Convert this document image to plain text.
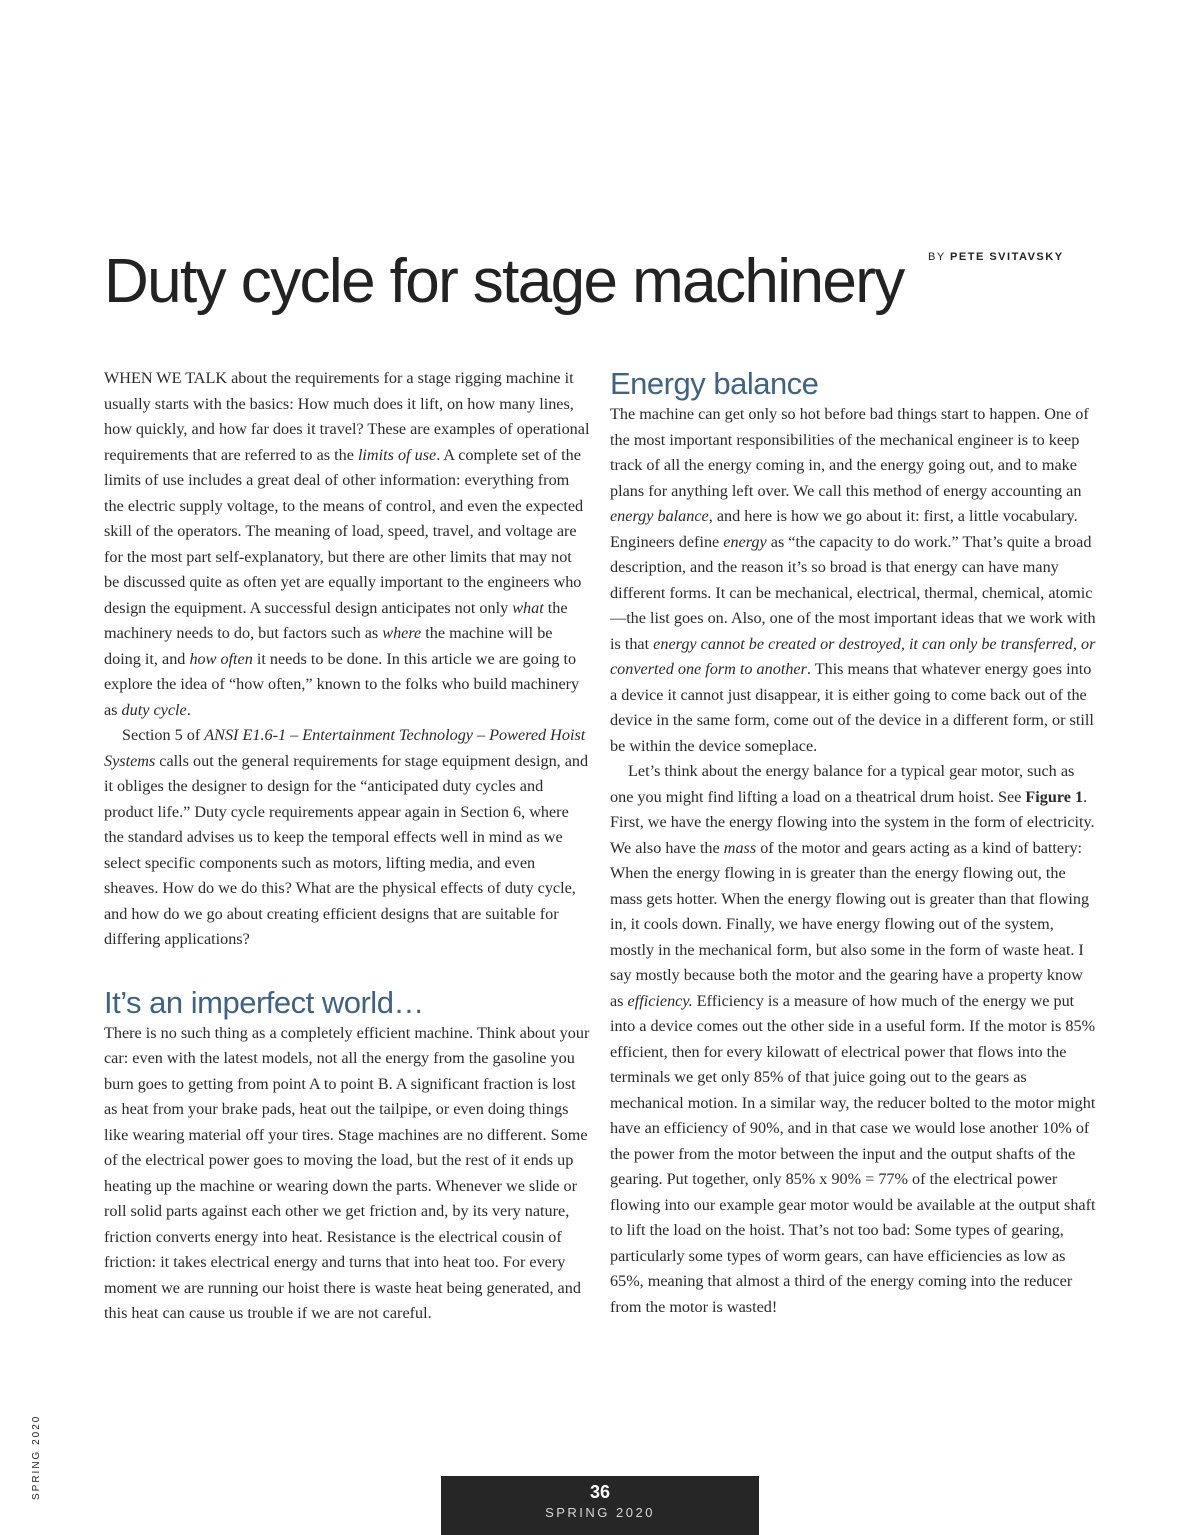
Duty cycle for stage machinery BY PETE SVITAVSKY

WHEN WE TALK about the requirements for a stage rigging machine it usually starts with the basics: How much does it lift, on how many lines, how quickly, and how far does it travel? These are examples of operational requirements that are referred to as the limits of use. A complete set of the limits of use includes a great deal of other information: everything from the electric supply voltage, to the means of control, and even the expected skill of the operators. The meaning of load, speed, travel, and voltage are for the most part self-explanatory, but there are other limits that may not be discussed quite as often yet are equally important to the engineers who design the equipment. A successful design anticipates not only what the machinery needs to do, but factors such as where the machine will be doing it, and how often it needs to be done. In this article we are going to explore the idea of “how often,” known to the folks who build machinery as duty cycle.

Section 5 of ANSI E1.6-1 – Entertainment Technology – Powered Hoist Systems calls out the general requirements for stage equipment design, and it obliges the designer to design for the “anticipated duty cycles and product life.” Duty cycle requirements appear again in Section 6, where the standard advises us to keep the temporal effects well in mind as we select specific components such as motors, lifting media, and even sheaves. How do we do this? What are the physical effects of duty cycle, and how do we go about creating efficient designs that are suitable for differing applications?

It’s an imperfect world…

There is no such thing as a completely efficient machine. Think about your car: even with the latest models, not all the energy from the gasoline you burn goes to getting from point A to point B. A significant fraction is lost as heat from your brake pads, heat out the tailpipe, or even doing things like wearing material off your tires. Stage machines are no different. Some of the electrical power goes to moving the load, but the rest of it ends up heating up the machine or wearing down the parts. Whenever we slide or roll solid parts against each other we get friction and, by its very nature, friction converts energy into heat. Resistance is the electrical cousin of friction: it takes electrical energy and turns that into heat too. For every moment we are running our hoist there is waste heat being generated, and this heat can cause us trouble if we are not careful.

Energy balance

The machine can get only so hot before bad things start to happen. One of the most important responsibilities of the mechanical engineer is to keep track of all the energy coming in, and the energy going out, and to make plans for anything left over. We call this method of energy accounting an energy balance, and here is how we go about it: first, a little vocabulary. Engineers define energy as “the capacity to do work.” That’s quite a broad description, and the reason it’s so broad is that energy can have many different forms. It can be mechanical, electrical, thermal, chemical, atomic—the list goes on. Also, one of the most important ideas that we work with is that energy cannot be created or destroyed, it can only be transferred, or converted one form to another. This means that whatever energy goes into a device it cannot just disappear, it is either going to come back out of the device in the same form, come out of the device in a different form, or still be within the device someplace.

Let’s think about the energy balance for a typical gear motor, such as one you might find lifting a load on a theatrical drum hoist. See Figure 1. First, we have the energy flowing into the system in the form of electricity. We also have the mass of the motor and gears acting as a kind of battery: When the energy flowing in is greater than the energy flowing out, the mass gets hotter. When the energy flowing out is greater than that flowing in, it cools down. Finally, we have energy flowing out of the system, mostly in the mechanical form, but also some in the form of waste heat. I say mostly because both the motor and the gearing have a property know as efficiency. Efficiency is a measure of how much of the energy we put into a device comes out the other side in a useful form. If the motor is 85% efficient, then for every kilowatt of electrical power that flows into the terminals we get only 85% of that juice going out to the gears as mechanical motion. In a similar way, the reducer bolted to the motor might have an efficiency of 90%, and in that case we would lose another 10% of the power from the motor between the input and the output shafts of the gearing. Put together, only 85% x 90% = 77% of the electrical power flowing into our example gear motor would be available at the output shaft to lift the load on the hoist. That’s not too bad: Some types of gearing, particularly some types of worm gears, can have efficiencies as low as 65%, meaning that almost a third of the energy coming into the reducer from the motor is wasted!

SPRING 2020	36
SPRING 2020
